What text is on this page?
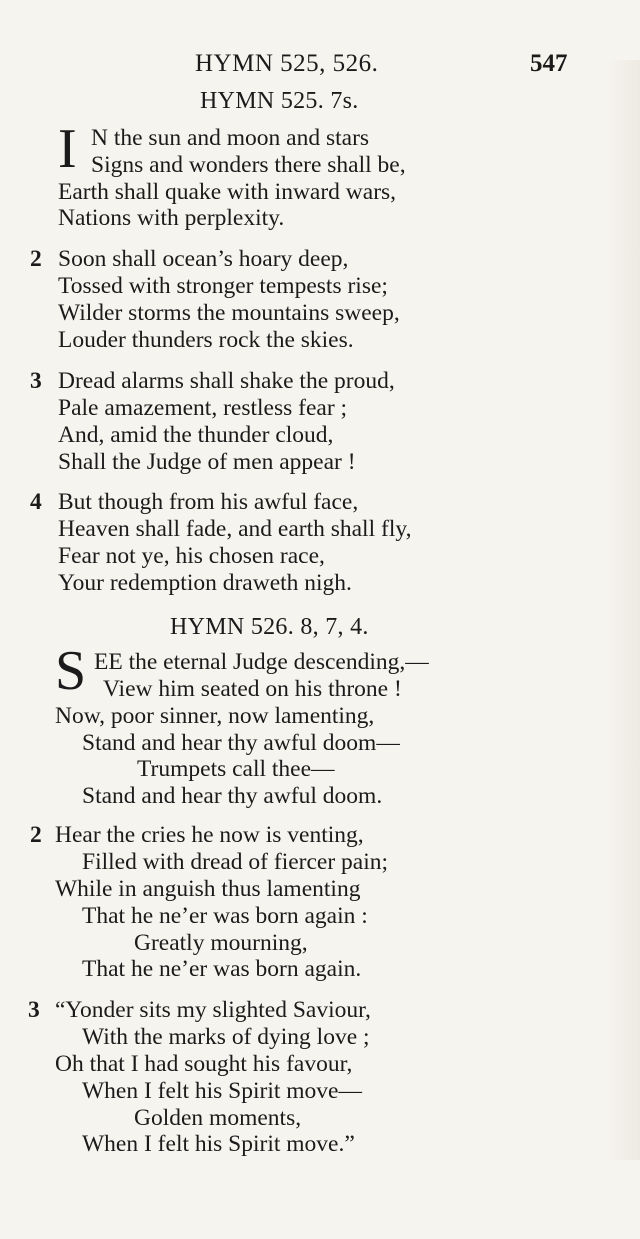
HYMN 525, 526.	547
HYMN 525. 7s.
I N the sun and moon and stars
Signs and wonders there shall be,
Earth shall quake with inward wars,
Nations with perplexity.
2 Soon shall ocean’s hoary deep,
Tossed with stronger tempests rise;
Wilder storms the mountains sweep,
Louder thunders rock the skies.
3 Dread alarms shall shake the proud,
Pale amazement, restless fear ;
And, amid the thunder cloud,
Shall the Judge of men appear !
4 But though from his awful face,
Heaven shall fade, and earth shall fly,
Fear not ye, his chosen race,
Your redemption draweth nigh.
HYMN 526. 8, 7, 4.
S EE the eternal Judge descending,—
View him seated on his throne !
Now, poor sinner, now lamenting,
Stand and hear thy awful doom—
Trumpets call thee—
Stand and hear thy awful doom.
2 Hear the cries he now is venting,
Filled with dread of fiercer pain;
While in anguish thus lamenting
That he ne’er was born again :
Greatly mourning,
That he ne’er was born again.
3 “Yonder sits my slighted Saviour,
With the marks of dying love ;
Oh that I had sought his favour,
When I felt his Spirit move—
Golden moments,
When I felt his Spirit move.”
